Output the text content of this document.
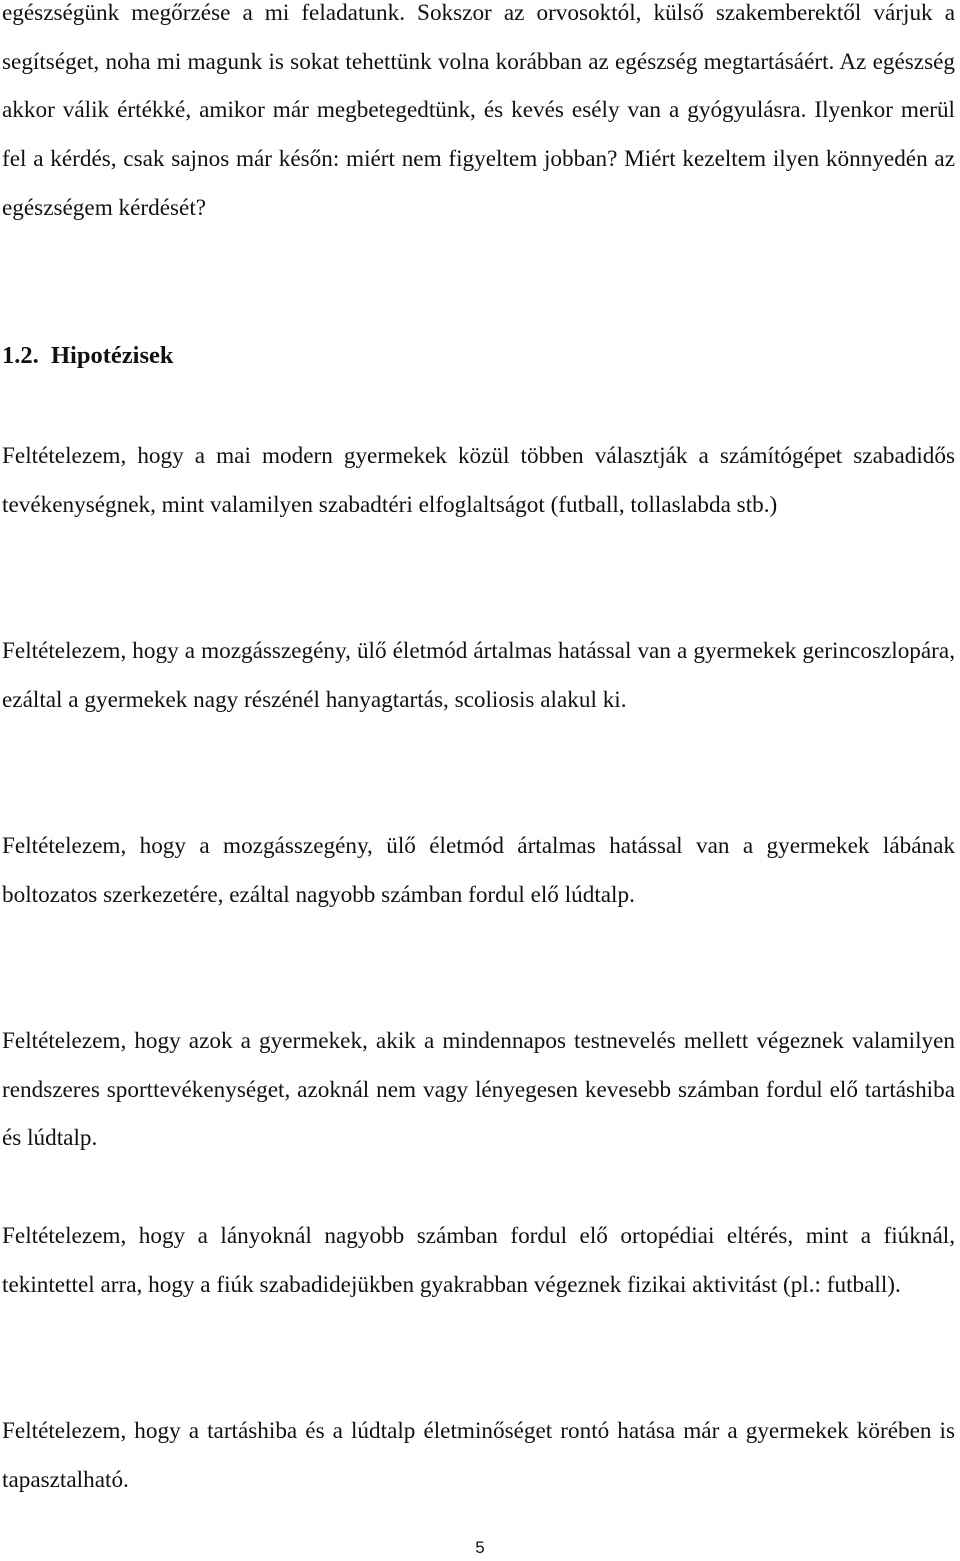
egészségünk megőrzése a mi feladatunk. Sokszor az orvosoktól, külső szakemberektől várjuk a segítséget, noha mi magunk is sokat tehettünk volna korábban az egészség megtartásáért. Az egészség akkor válik értékké, amikor már megbetegedtünk, és kevés esély van a gyógyulásra. Ilyenkor merül fel a kérdés, csak sajnos már későn: miért nem figyeltem jobban? Miért kezeltem ilyen könnyedén az egészségem kérdését?

1.2.  Hipotézisek

Feltételezem, hogy a mai modern gyermekek közül többen választják a számítógépet szabadidős tevékenységnek, mint valamilyen szabadtéri elfoglaltságot (futball, tollaslabda stb.)

Feltételezem, hogy a mozgásszegény, ülő életmód ártalmas hatással van a gyermekek gerincoszlopára, ezáltal a gyermekek nagy részénél hanyagtartás, scoliosis alakul ki.

Feltételezem, hogy a mozgásszegény, ülő életmód ártalmas hatással van a gyermekek lábának boltozatos szerkezetére, ezáltal nagyobb számban fordul elő lúdtalp.

Feltételezem, hogy azok a gyermekek, akik a mindennapos testnevelés mellett végeznek valamilyen rendszeres sporttevékenységet, azoknál nem vagy lényegesen kevesebb számban fordul elő tartáshiba és lúdtalp.

Feltételezem, hogy a lányoknál nagyobb számban fordul elő ortopédiai eltérés, mint a fiúknál, tekintettel arra, hogy a fiúk szabadidejükben gyakrabban végeznek fizikai aktivitást (pl.: futball).

Feltételezem, hogy a tartáshiba és a lúdtalp életminőséget rontó hatása már a gyermekek körében is tapasztalható.

5
